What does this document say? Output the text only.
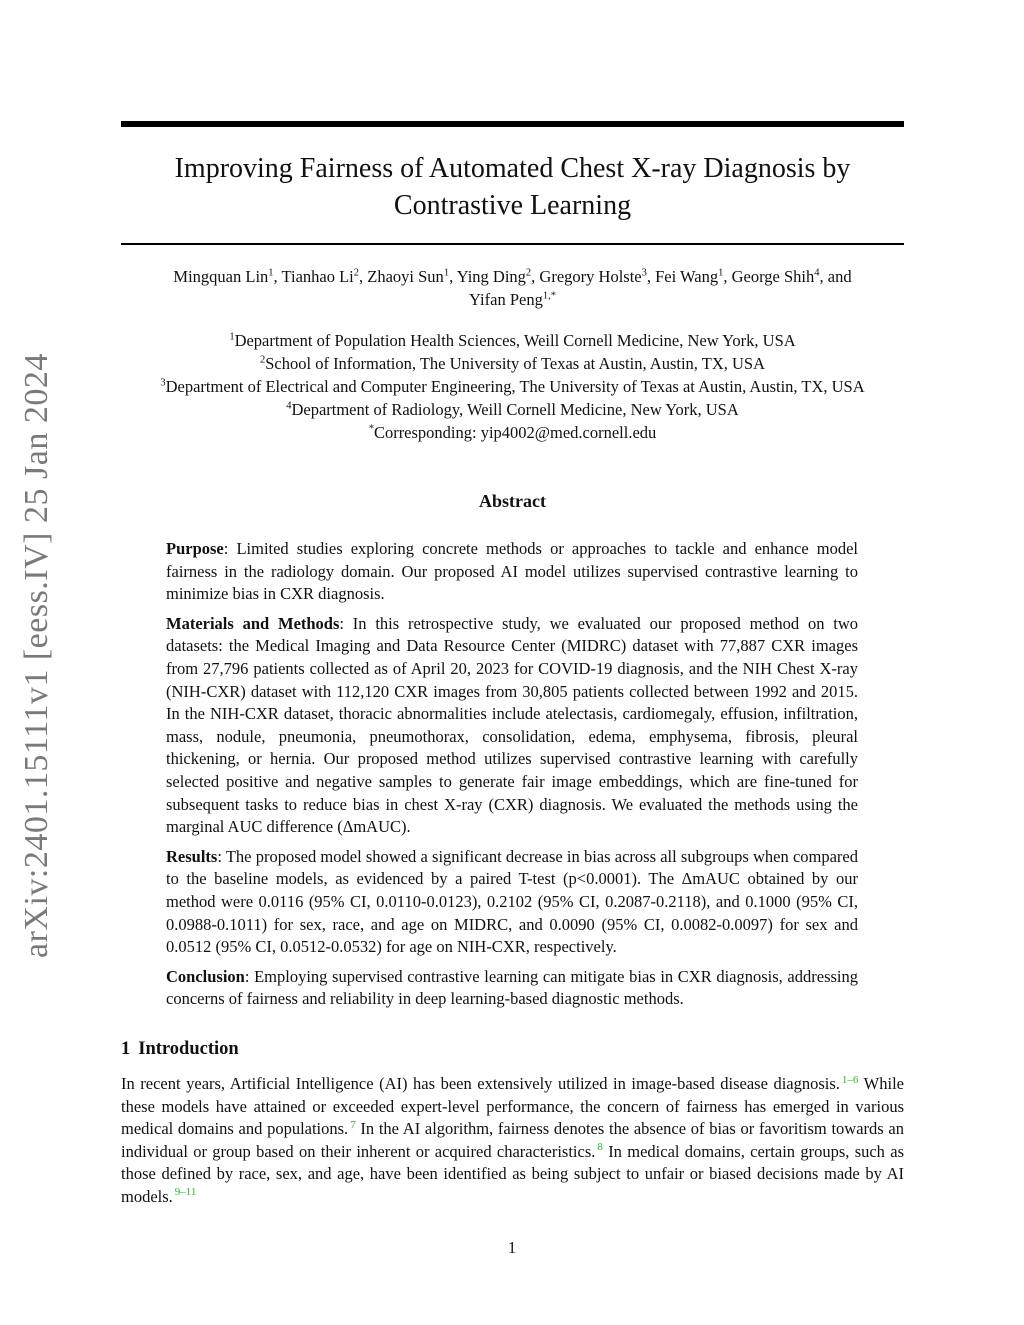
arXiv:2401.15111v1 [eess.IV] 25 Jan 2024
Improving Fairness of Automated Chest X-ray Diagnosis by
Contrastive Learning
Mingquan Lin$^1$, Tianhao Li$^2$, Zhaoyi Sun$^1$, Ying Ding$^2$, Gregory Holste$^3$, Fei Wang$^1$, George Shih$^4$, and
Yifan Peng$^{1,*}$
$^1$Department of Population Health Sciences, Weill Cornell Medicine, New York, USA
$^2$School of Information, The University of Texas at Austin, Austin, TX, USA
$^3$Department of Electrical and Computer Engineering, The University of Texas at Austin, Austin, TX, USA
$^4$Department of Radiology, Weill Cornell Medicine, New York, USA
*Corresponding: yip4002@med.cornell.edu
Abstract

Purpose: Limited studies exploring concrete methods or approaches to tackle and enhance model fairness in the radiology domain. Our proposed AI model utilizes supervised contrastive learning to minimize bias in CXR diagnosis.

Materials and Methods: In this retrospective study, we evaluated our proposed method on two datasets: the Medical Imaging and Data Resource Center (MIDRC) dataset with 77,887 CXR images from 27,796 patients collected as of April 20, 2023 for COVID-19 diagnosis, and the NIH Chest X-ray (NIH-CXR) dataset with 112,120 CXR images from 30,805 patients collected between 1992 and 2015. In the NIH-CXR dataset, thoracic abnormalities include atelectasis, cardiomegaly, effusion, infiltration, mass, nodule, pneumonia, pneumothorax, consolidation, edema, emphysema, fibrosis, pleural thickening, or hernia. Our proposed method utilizes supervised contrastive learning with carefully selected positive and negative samples to generate fair image embeddings, which are fine-tuned for subsequent tasks to reduce bias in chest X-ray (CXR) diagnosis. We evaluated the methods using the marginal AUC difference (ΔmAUC).

Results: The proposed model showed a significant decrease in bias across all subgroups when compared to the baseline models, as evidenced by a paired T-test (p<0.0001). The ΔmAUC obtained by our method were 0.0116 (95% CI, 0.0110-0.0123), 0.2102 (95% CI, 0.2087-0.2118), and 0.1000 (95% CI, 0.0988-0.1011) for sex, race, and age on MIDRC, and 0.0090 (95% CI, 0.0082-0.0097) for sex and 0.0512 (95% CI, 0.0512-0.0532) for age on NIH-CXR, respectively.

Conclusion: Employing supervised contrastive learning can mitigate bias in CXR diagnosis, addressing concerns of fairness and reliability in deep learning-based diagnostic methods.

1 Introduction

In recent years, Artificial Intelligence (AI) has been extensively utilized in image-based disease diagnosis. $^{1-6}$ While these models have attained or exceeded expert-level performance, the concern of fairness has emerged in various medical domains and populations. $^7$ In the AI algorithm, fairness denotes the absence of bias or favoritism towards an individual or group based on their inherent or acquired characteristics. $^8$ In medical domains, certain groups, such as those defined by race, sex, and age, have been identified as being subject to unfair or biased decisions made by AI models. $^{9-11}$

1
